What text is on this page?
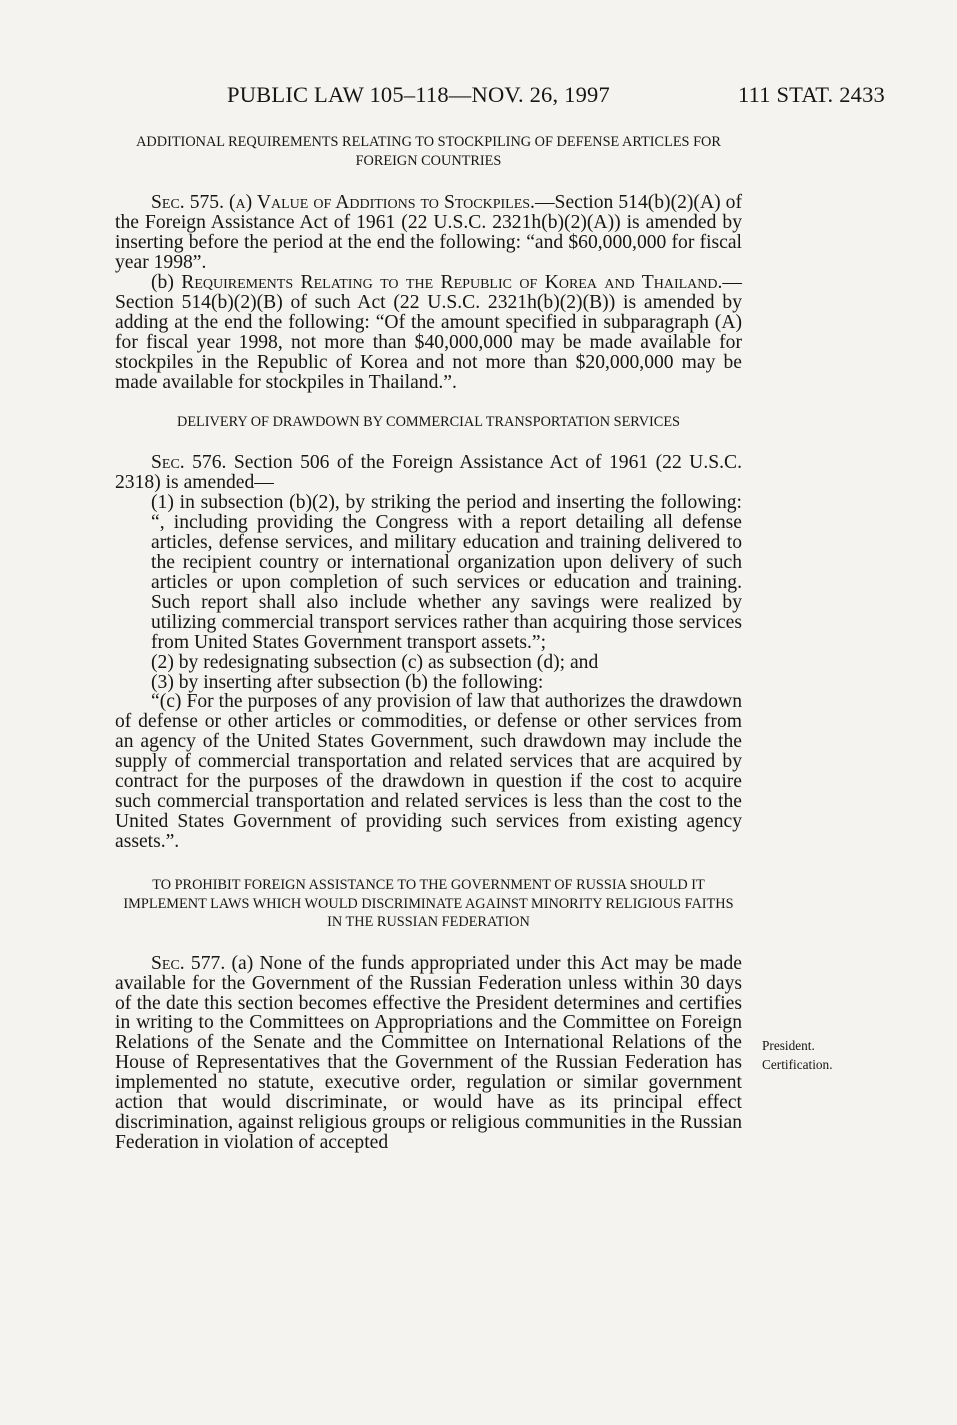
PUBLIC LAW 105–118—NOV. 26, 1997	111 STAT. 2433
ADDITIONAL REQUIREMENTS RELATING TO STOCKPILING OF DEFENSE ARTICLES FOR FOREIGN COUNTRIES
Sec. 575. (a) Value of Additions to Stockpiles.—Section 514(b)(2)(A) of the Foreign Assistance Act of 1961 (22 U.S.C. 2321h(b)(2)(A)) is amended by inserting before the period at the end the following: “and $60,000,000 for fiscal year 1998”.
(b) Requirements Relating to the Republic of Korea and Thailand.—Section 514(b)(2)(B) of such Act (22 U.S.C. 2321h(b)(2)(B)) is amended by adding at the end the following: “Of the amount specified in subparagraph (A) for fiscal year 1998, not more than $40,000,000 may be made available for stockpiles in the Republic of Korea and not more than $20,000,000 may be made available for stockpiles in Thailand.”.
DELIVERY OF DRAWDOWN BY COMMERCIAL TRANSPORTATION SERVICES
Sec. 576. Section 506 of the Foreign Assistance Act of 1961 (22 U.S.C. 2318) is amended—
(1) in subsection (b)(2), by striking the period and inserting the following: “, including providing the Congress with a report detailing all defense articles, defense services, and military education and training delivered to the recipient country or international organization upon delivery of such articles or upon completion of such services or education and training. Such report shall also include whether any savings were realized by utilizing commercial transport services rather than acquiring those services from United States Government transport assets.”;
(2) by redesignating subsection (c) as subsection (d); and
(3) by inserting after subsection (b) the following:
“(c) For the purposes of any provision of law that authorizes the drawdown of defense or other articles or commodities, or defense or other services from an agency of the United States Government, such drawdown may include the supply of commercial transportation and related services that are acquired by contract for the purposes of the drawdown in question if the cost to acquire such commercial transportation and related services is less than the cost to the United States Government of providing such services from existing agency assets.”.
TO PROHIBIT FOREIGN ASSISTANCE TO THE GOVERNMENT OF RUSSIA SHOULD IT IMPLEMENT LAWS WHICH WOULD DISCRIMINATE AGAINST MINORITY RELIGIOUS FAITHS IN THE RUSSIAN FEDERATION
Sec. 577. (a) None of the funds appropriated under this Act may be made available for the Government of the Russian Federation unless within 30 days of the date this section becomes effective the President determines and certifies in writing to the Committees on Appropriations and the Committee on Foreign Relations of the Senate and the Committee on International Relations of the House of Representatives that the Government of the Russian Federation has implemented no statute, executive order, regulation or similar government action that would discriminate, or would have as its principal effect discrimination, against religious groups or religious communities in the Russian Federation in violation of accepted
President.
Certification.
